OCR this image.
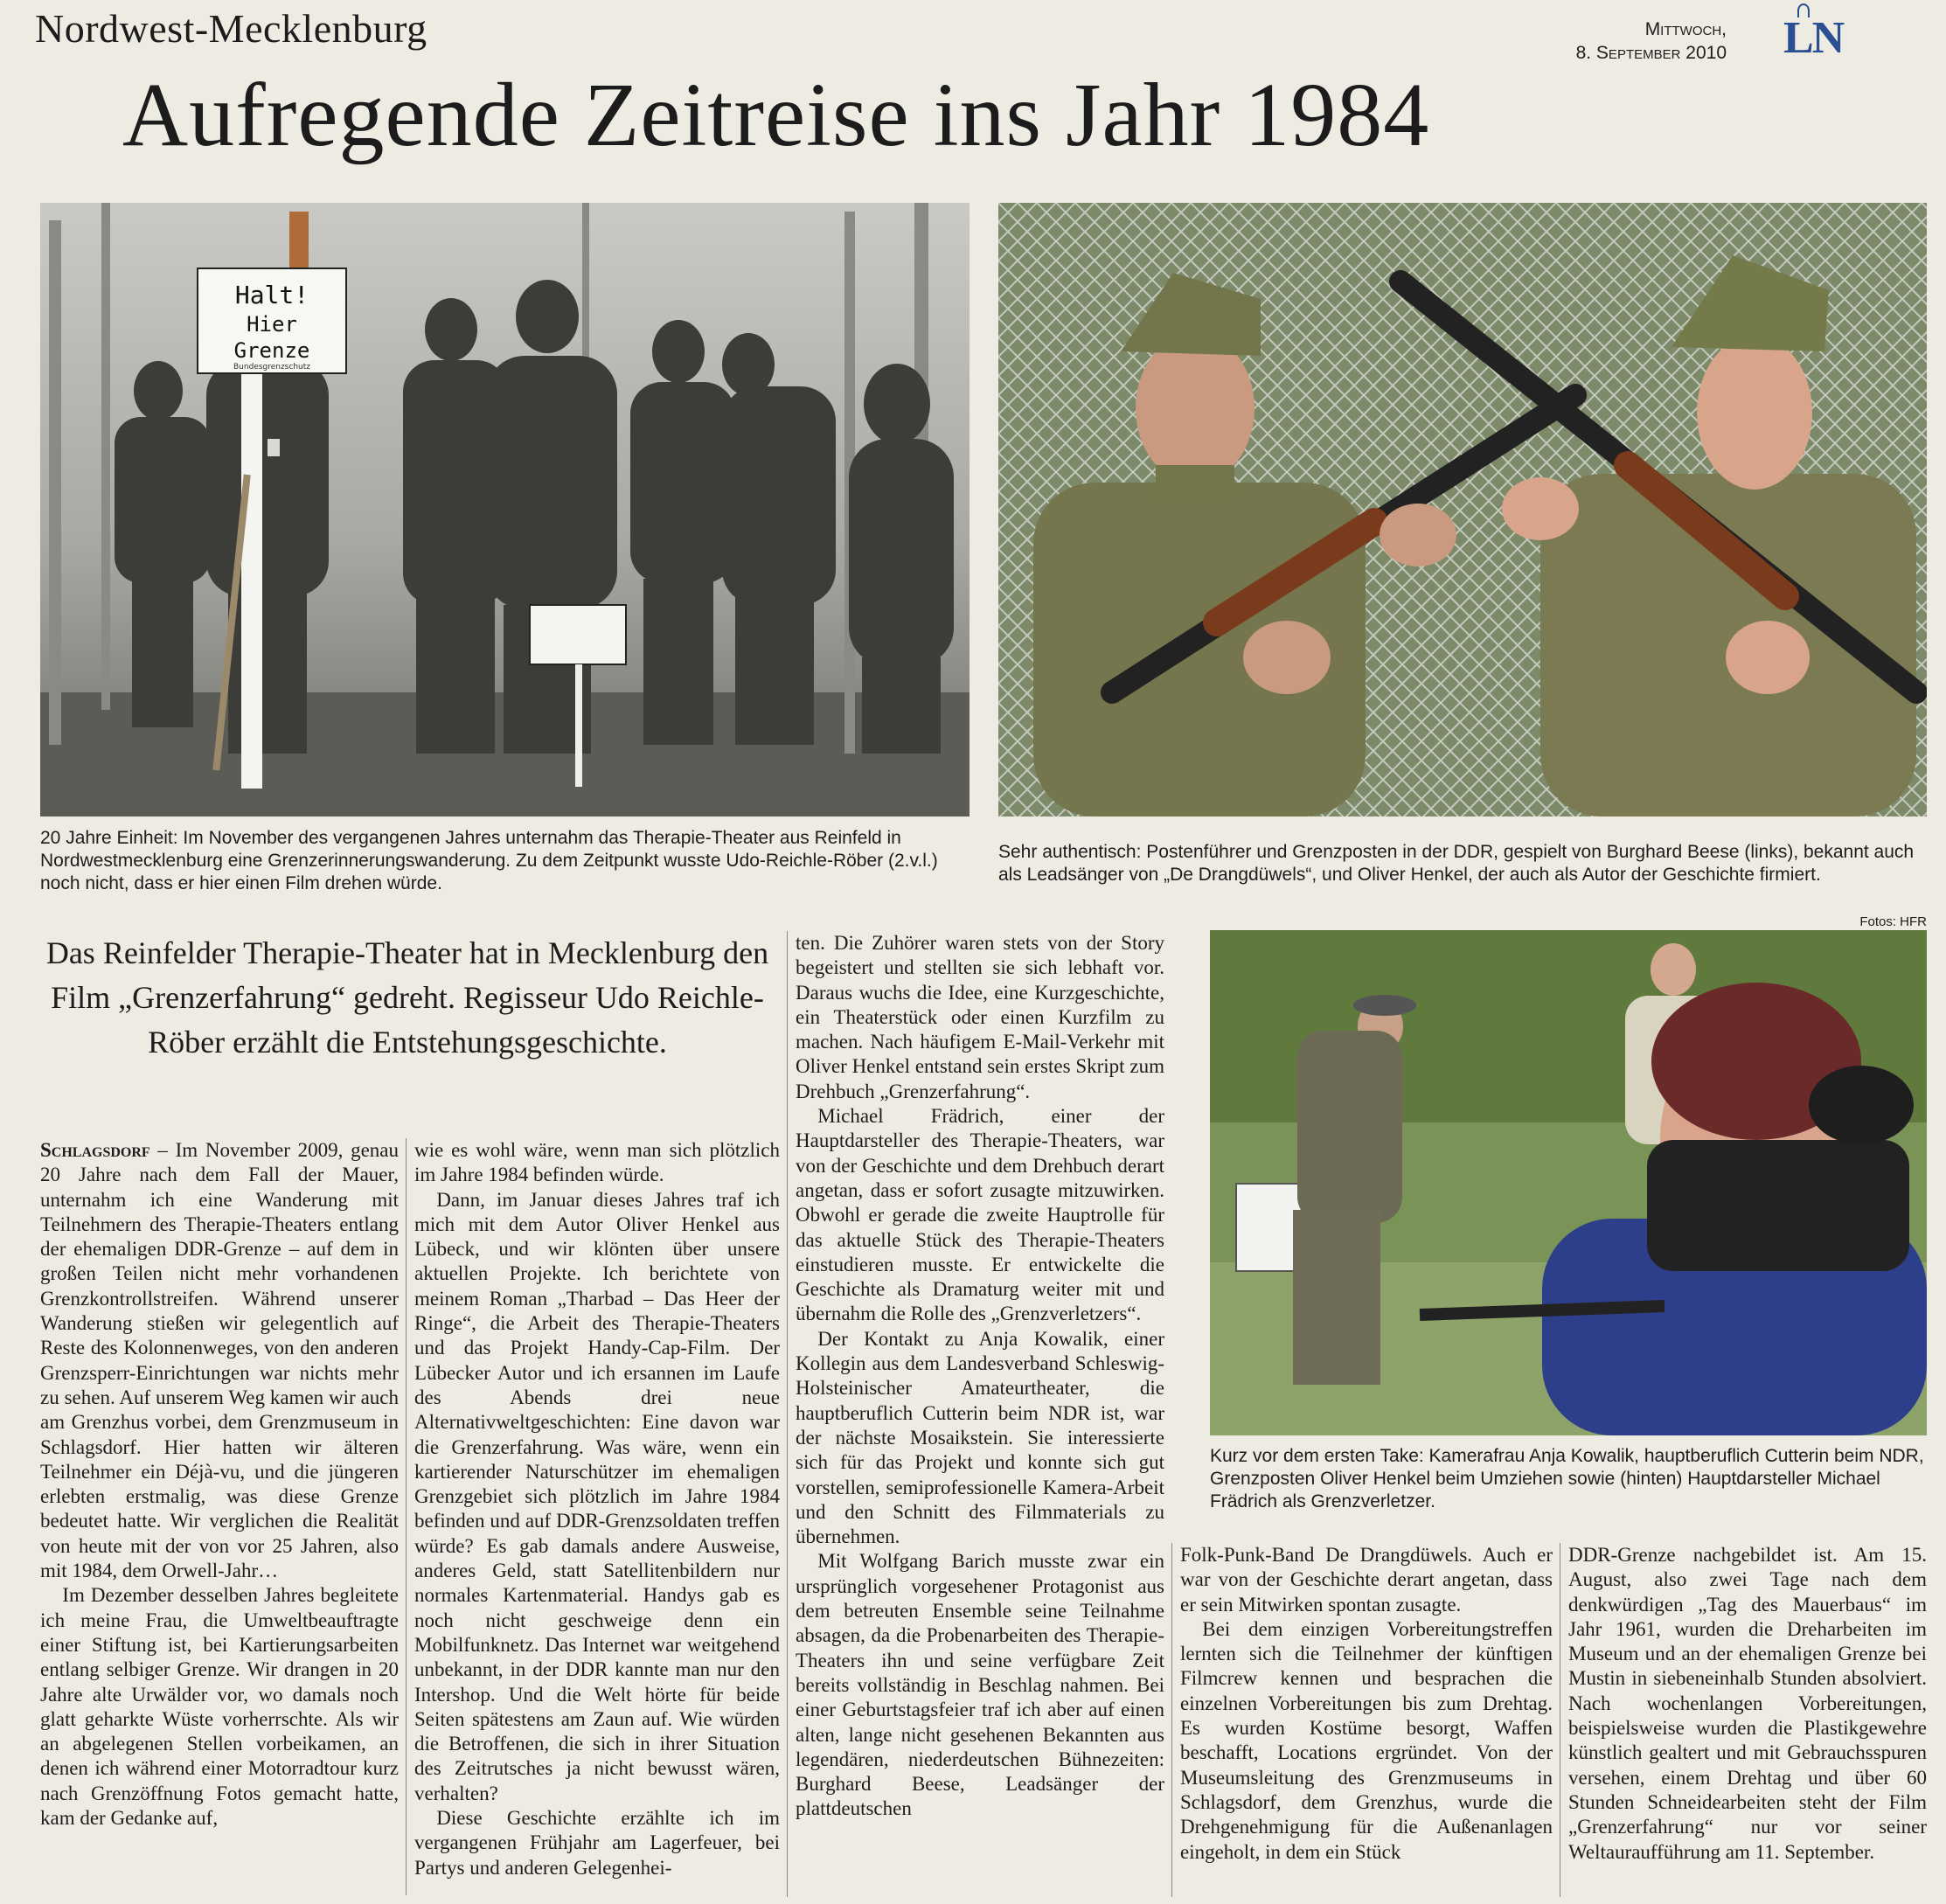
Nordwest-Mecklenburg	Mittwoch,
8. September 2010 LN
Aufregende Zeitreise ins Jahr 1984
Halt!
Hier
Grenze
Bundesgrenzschutz
20 Jahre Einheit: Im November des vergangenen Jahres unternahm das Therapie-Theater aus Reinfeld in Nordwestmecklenburg eine Grenzerinnerungswanderung. Zu dem Zeitpunkt wusste Udo-Reichle-Röber (2.v.l.) noch nicht, dass er hier einen Film drehen würde.
Sehr authentisch: Postenführer und Grenzposten in der DDR, gespielt von Burghard Beese (links), bekannt auch als Leadsänger von „De Drangdüwels“, und Oliver Henkel, der auch als Autor der Geschichte firmiert.
Fotos: HFR
Kurz vor dem ersten Take: Kamerafrau Anja Kowalik, hauptberuflich Cutterin beim NDR, Grenzposten Oliver Henkel beim Umziehen sowie (hinten) Hauptdarsteller Michael Frädrich als Grenzverletzer.
Das Reinfelder Therapie-Theater hat in Mecklenburg den Film „Grenzerfahrung“ gedreht. Regisseur Udo Reichle-Röber erzählt die Entstehungsgeschichte.

Schlagsdorf – Im November 2009, genau 20 Jahre nach dem Fall der Mauer, unternahm ich eine Wanderung mit Teilnehmern des Therapie-Theaters entlang der ehemaligen DDR-Grenze – auf dem in großen Teilen nicht mehr vorhandenen Grenzkontrollstreifen. Während unserer Wanderung stießen wir gelegentlich auf Reste des Kolonnenweges, von den anderen Grenzsperr-Einrichtungen war nichts mehr zu sehen. Auf unserem Weg kamen wir auch am Grenzhus vorbei, dem Grenzmuseum in Schlagsdorf. Hier hatten wir älteren Teilnehmer ein Déjà-vu, und die jüngeren erlebten erstmalig, was diese Grenze bedeutet hatte. Wir verglichen die Realität von heute mit der von vor 25 Jahren, also mit 1984, dem Orwell-Jahr…

Im Dezember desselben Jahres begleitete ich meine Frau, die Umweltbeauftragte einer Stiftung ist, bei Kartierungsarbeiten entlang selbiger Grenze. Wir drangen in 20 Jahre alte Urwälder vor, wo damals noch glatt geharkte Wüste vorherrschte. Als wir an abgelegenen Stellen vorbeikamen, an denen ich während einer Motorradtour kurz nach Grenzöffnung Fotos gemacht hatte, kam der Gedanke auf,

wie es wohl wäre, wenn man sich plötzlich im Jahre 1984 befinden würde.

Dann, im Januar dieses Jahres traf ich mich mit dem Autor Oliver Henkel aus Lübeck, und wir klönten über unsere aktuellen Projekte. Ich berichtete von meinem Roman „Tharbad – Das Heer der Ringe“, die Arbeit des Therapie-Theaters und das Projekt Handy-Cap-Film. Der Lübecker Autor und ich ersannen im Laufe des Abends drei neue Alternativweltgeschichten: Eine davon war die Grenzerfahrung. Was wäre, wenn ein kartierender Naturschützer im ehemaligen Grenzgebiet sich plötzlich im Jahre 1984 befinden und auf DDR-Grenzsoldaten treffen würde? Es gab damals andere Ausweise, anderes Geld, statt Satellitenbildern nur normales Kartenmaterial. Handys gab es noch nicht geschweige denn ein Mobilfunknetz. Das Internet war weitgehend unbekannt, in der DDR kannte man nur den Intershop. Und die Welt hörte für beide Seiten spätestens am Zaun auf. Wie würden die Betroffenen, die sich in ihrer Situation des Zeitrutsches ja nicht bewusst wären, verhalten?

Diese Geschichte erzählte ich im vergangenen Frühjahr am Lagerfeuer, bei Partys und anderen Gelegenhei-

ten. Die Zuhörer waren stets von der Story begeistert und stellten sie sich lebhaft vor. Daraus wuchs die Idee, eine Kurzgeschichte, ein Theaterstück oder einen Kurzfilm zu machen. Nach häufigem E-Mail-Verkehr mit Oliver Henkel entstand sein erstes Skript zum Drehbuch „Grenzerfahrung“.

Michael Frädrich, einer der Hauptdarsteller des Therapie-Theaters, war von der Geschichte und dem Drehbuch derart angetan, dass er sofort zusagte mitzuwirken. Obwohl er gerade die zweite Hauptrolle für das aktuelle Stück des Therapie-Theaters einstudieren musste. Er entwickelte die Geschichte als Dramaturg weiter mit und übernahm die Rolle des „Grenzverletzers“.

Der Kontakt zu Anja Kowalik, einer Kollegin aus dem Landesverband Schleswig-Holsteinischer Amateurtheater, die hauptberuflich Cutterin beim NDR ist, war der nächste Mosaikstein. Sie interessierte sich für das Projekt und konnte sich gut vorstellen, semiprofessionelle Kamera-Arbeit und den Schnitt des Filmmaterials zu übernehmen.

Mit Wolfgang Barich musste zwar ein ursprünglich vorgesehener Protagonist aus dem betreuten Ensemble seine Teilnahme absagen, da die Probenarbeiten des Therapie-Theaters ihn und seine verfügbare Zeit bereits vollständig in Beschlag nahmen. Bei einer Geburtstagsfeier traf ich aber auf einen alten, lange nicht gesehenen Bekannten aus legendären, niederdeutschen Bühnezeiten: Burghard Beese, Leadsänger der plattdeutschen

Folk-Punk-Band De Drangdüwels. Auch er war von der Geschichte derart angetan, dass er sein Mitwirken spontan zusagte.

Bei dem einzigen Vorbereitungstreffen lernten sich die Teilnehmer der künftigen Filmcrew kennen und besprachen die einzelnen Vorbereitungen bis zum Drehtag. Es wurden Kostüme besorgt, Waffen beschafft, Locations ergründet. Von der Museumsleitung des Grenzmuseums in Schlagsdorf, dem Grenzhus, wurde die Drehgenehmigung für die Außenanlagen eingeholt, in dem ein Stück

DDR-Grenze nachgebildet ist. Am 15. August, also zwei Tage nach dem denkwürdigen „Tag des Mauerbaus“ im Jahr 1961, wurden die Dreharbeiten im Museum und an der ehemaligen Grenze bei Mustin in siebeneinhalb Stunden absolviert. Nach wochenlangen Vorbereitungen, beispielsweise wurden die Plastikgewehre künstlich gealtert und mit Gebrauchsspuren versehen, einem Drehtag und über 60 Stunden Schneidearbeiten steht der Film „Grenzerfahrung“ nur vor seiner Weltauraufführung am 11. September.
